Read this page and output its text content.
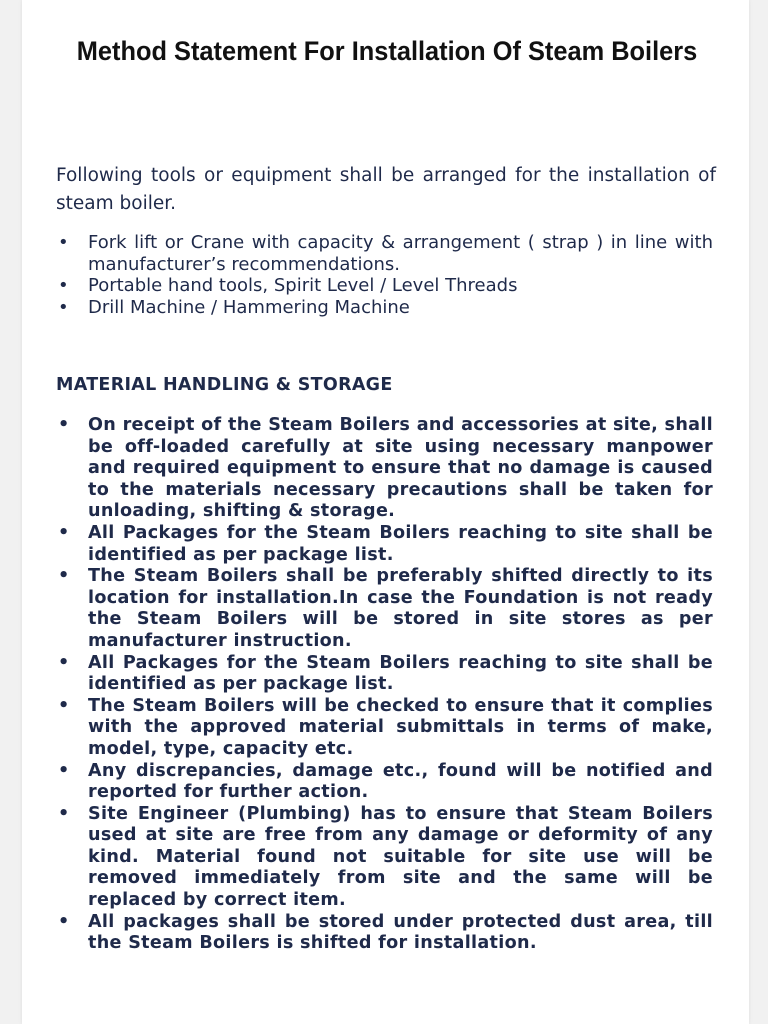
Method Statement For Installation Of Steam Boilers
Following tools or equipment shall be arranged for the installation of steam boiler.
• Fork lift or Crane with capacity & arrangement ( strap ) in line with manufacturer’s recommendations.
• Portable hand tools, Spirit Level / Level Threads
• Drill Machine / Hammering Machine
MATERIAL HANDLING & STORAGE
• On receipt of the Steam Boilers and accessories at site, shall be off-loaded carefully at site using necessary manpower and required equipment to ensure that no damage is caused to the materials necessary precautions shall be taken for unloading, shifting & storage.
• All Packages for the Steam Boilers reaching to site shall be identified as per package list.
• The Steam Boilers shall be preferably shifted directly to its location for installation.In case the Foundation is not ready the Steam Boilers will be stored in site stores as per manufacturer instruction.
• All Packages for the Steam Boilers reaching to site shall be identified as per package list.
• The Steam Boilers will be checked to ensure that it complies with the approved material submittals in terms of make, model, type, capacity etc.
• Any discrepancies, damage etc., found will be notified and reported for further action.
• Site Engineer (Plumbing) has to ensure that Steam Boilers used at site are free from any damage or deformity of any kind. Material found not suitable for site use will be removed immediately from site and the same will be replaced by correct item.
• All packages shall be stored under protected dust area, till the Steam Boilers is shifted for installation.
